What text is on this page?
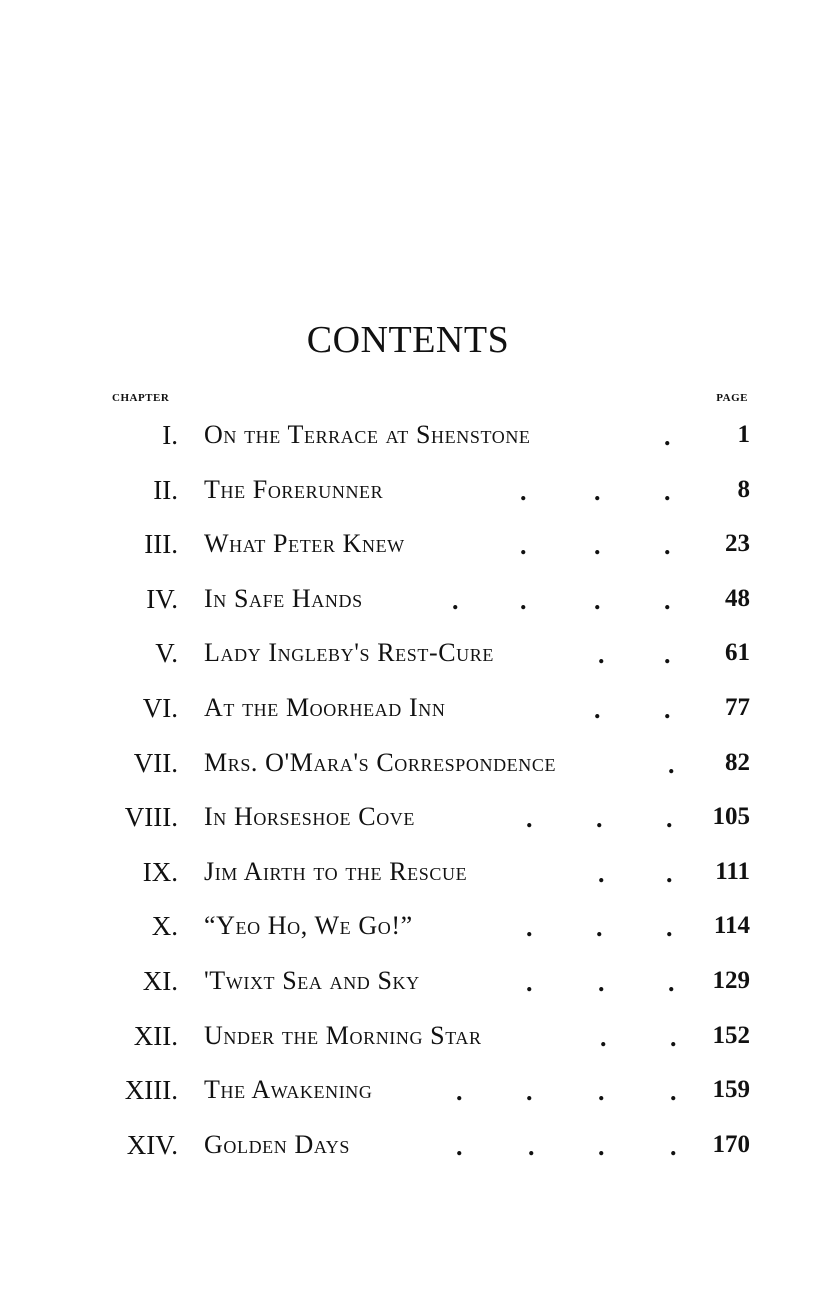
CONTENTS
CHAPTER	PAGE
I. On the Terrace at Shenstone	.	1
II. The Forerunner	.	. .	8
III. What Peter Knew	.	. . 23
IV. In Safe Hands	. .	. . 48
V. Lady Ingleby's Rest-Cure	. . 61
VI. At the Moorhead Inn	. . 77
VII. Mrs. O'Mara's Correspondence	. 82
VIII. In Horseshoe Cove	. . . 105
IX. Jim Airth to the Rescue	. . 111
X. “Yeo Ho, We Go!”	. . . 114
XI. 'Twixt Sea and Sky	.	. . 129
XII. Under the Morning Star	. . 152
XIII. The Awakening	. .	.	. 159
XIV. Golden Days	.	. .	. 170
